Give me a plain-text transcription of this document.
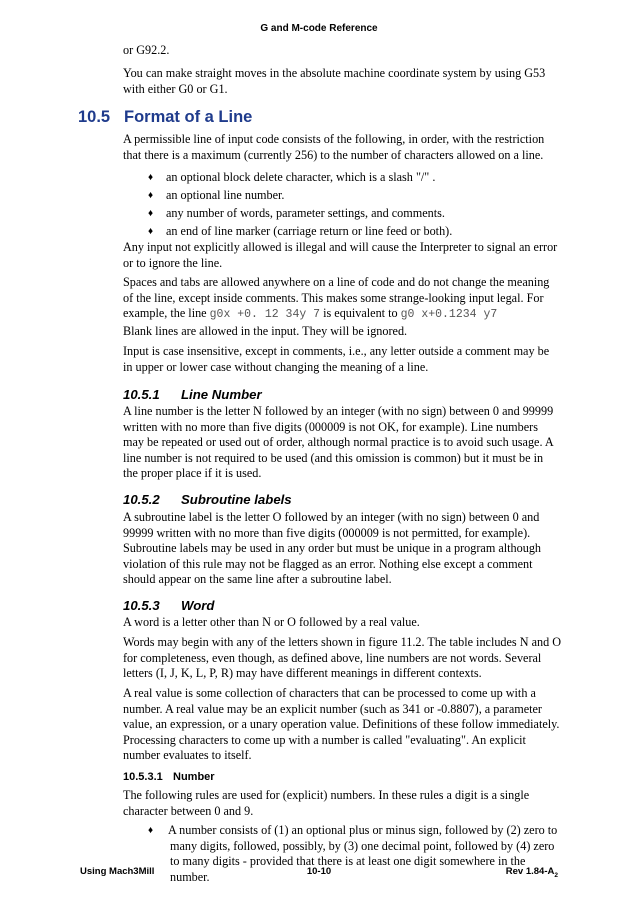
G and M-code Reference

or G92.2.

You can make straight moves in the absolute machine coordinate system by using G53 with either G0 or G1.

10.5 Format of a Line

A permissible line of input code consists of the following, in order, with the restriction that there is a maximum (currently 256) to the number of characters allowed on a line.

♦	an optional block delete character, which is a slash "/" .
♦	an optional line number.
♦	any number of words, parameter settings, and comments.
♦	an end of line marker (carriage return or line feed or both).

Any input not explicitly allowed is illegal and will cause the Interpreter to signal an error or to ignore the line.

Spaces and tabs are allowed anywhere on a line of code and do not change the meaning of the line, except inside comments. This makes some strange-looking input legal. For example, the line g0x +0. 12 34y 7 is equivalent to g0 x+0.1234 y7

Blank lines are allowed in the input. They will be ignored.

Input is case insensitive, except in comments, i.e., any letter outside a comment may be in upper or lower case without changing the meaning of a line.

10.5.1 Line Number

A line number is the letter N followed by an integer (with no sign) between 0 and 99999 written with no more than five digits (000009 is not OK, for example). Line numbers may be repeated or used out of order, although normal practice is to avoid such usage. A line number is not required to be used (and this omission is common) but it must be in the proper place if it is used.

10.5.2 Subroutine labels

A subroutine label is the letter O followed by an integer (with no sign) between 0 and 99999 written with no more than five digits (000009 is not permitted, for example). Subroutine labels may be used in any order but must be unique in a program although violation of this rule may not be flagged as an error. Nothing else except a comment should appear on the same line after a subroutine label.

10.5.3 Word

A word is a letter other than N or O followed by a real value.

Words may begin with any of the letters shown in figure 11.2. The table includes N and O for completeness, even though, as defined above, line numbers are not words. Several letters (I, J, K, L, P, R) may have different meanings in different contexts.

A real value is some collection of characters that can be processed to come up with a number. A real value may be an explicit number (such as 341 or -0.8807), a parameter value, an expression, or a unary operation value. Definitions of these follow immediately. Processing characters to come up with a number is called "evaluating". An explicit number evaluates to itself.

10.5.3.1 Number

The following rules are used for (explicit) numbers. In these rules a digit is a single character between 0 and 9.

♦	A number consists of (1) an optional plus or minus sign, followed by (2) zero to many digits, followed, possibly, by (3) one decimal point, followed by (4) zero to many digits - provided that there is at least one digit somewhere in the number.
Using Mach3Mill	10-10	Rev $1.84-A_2$
